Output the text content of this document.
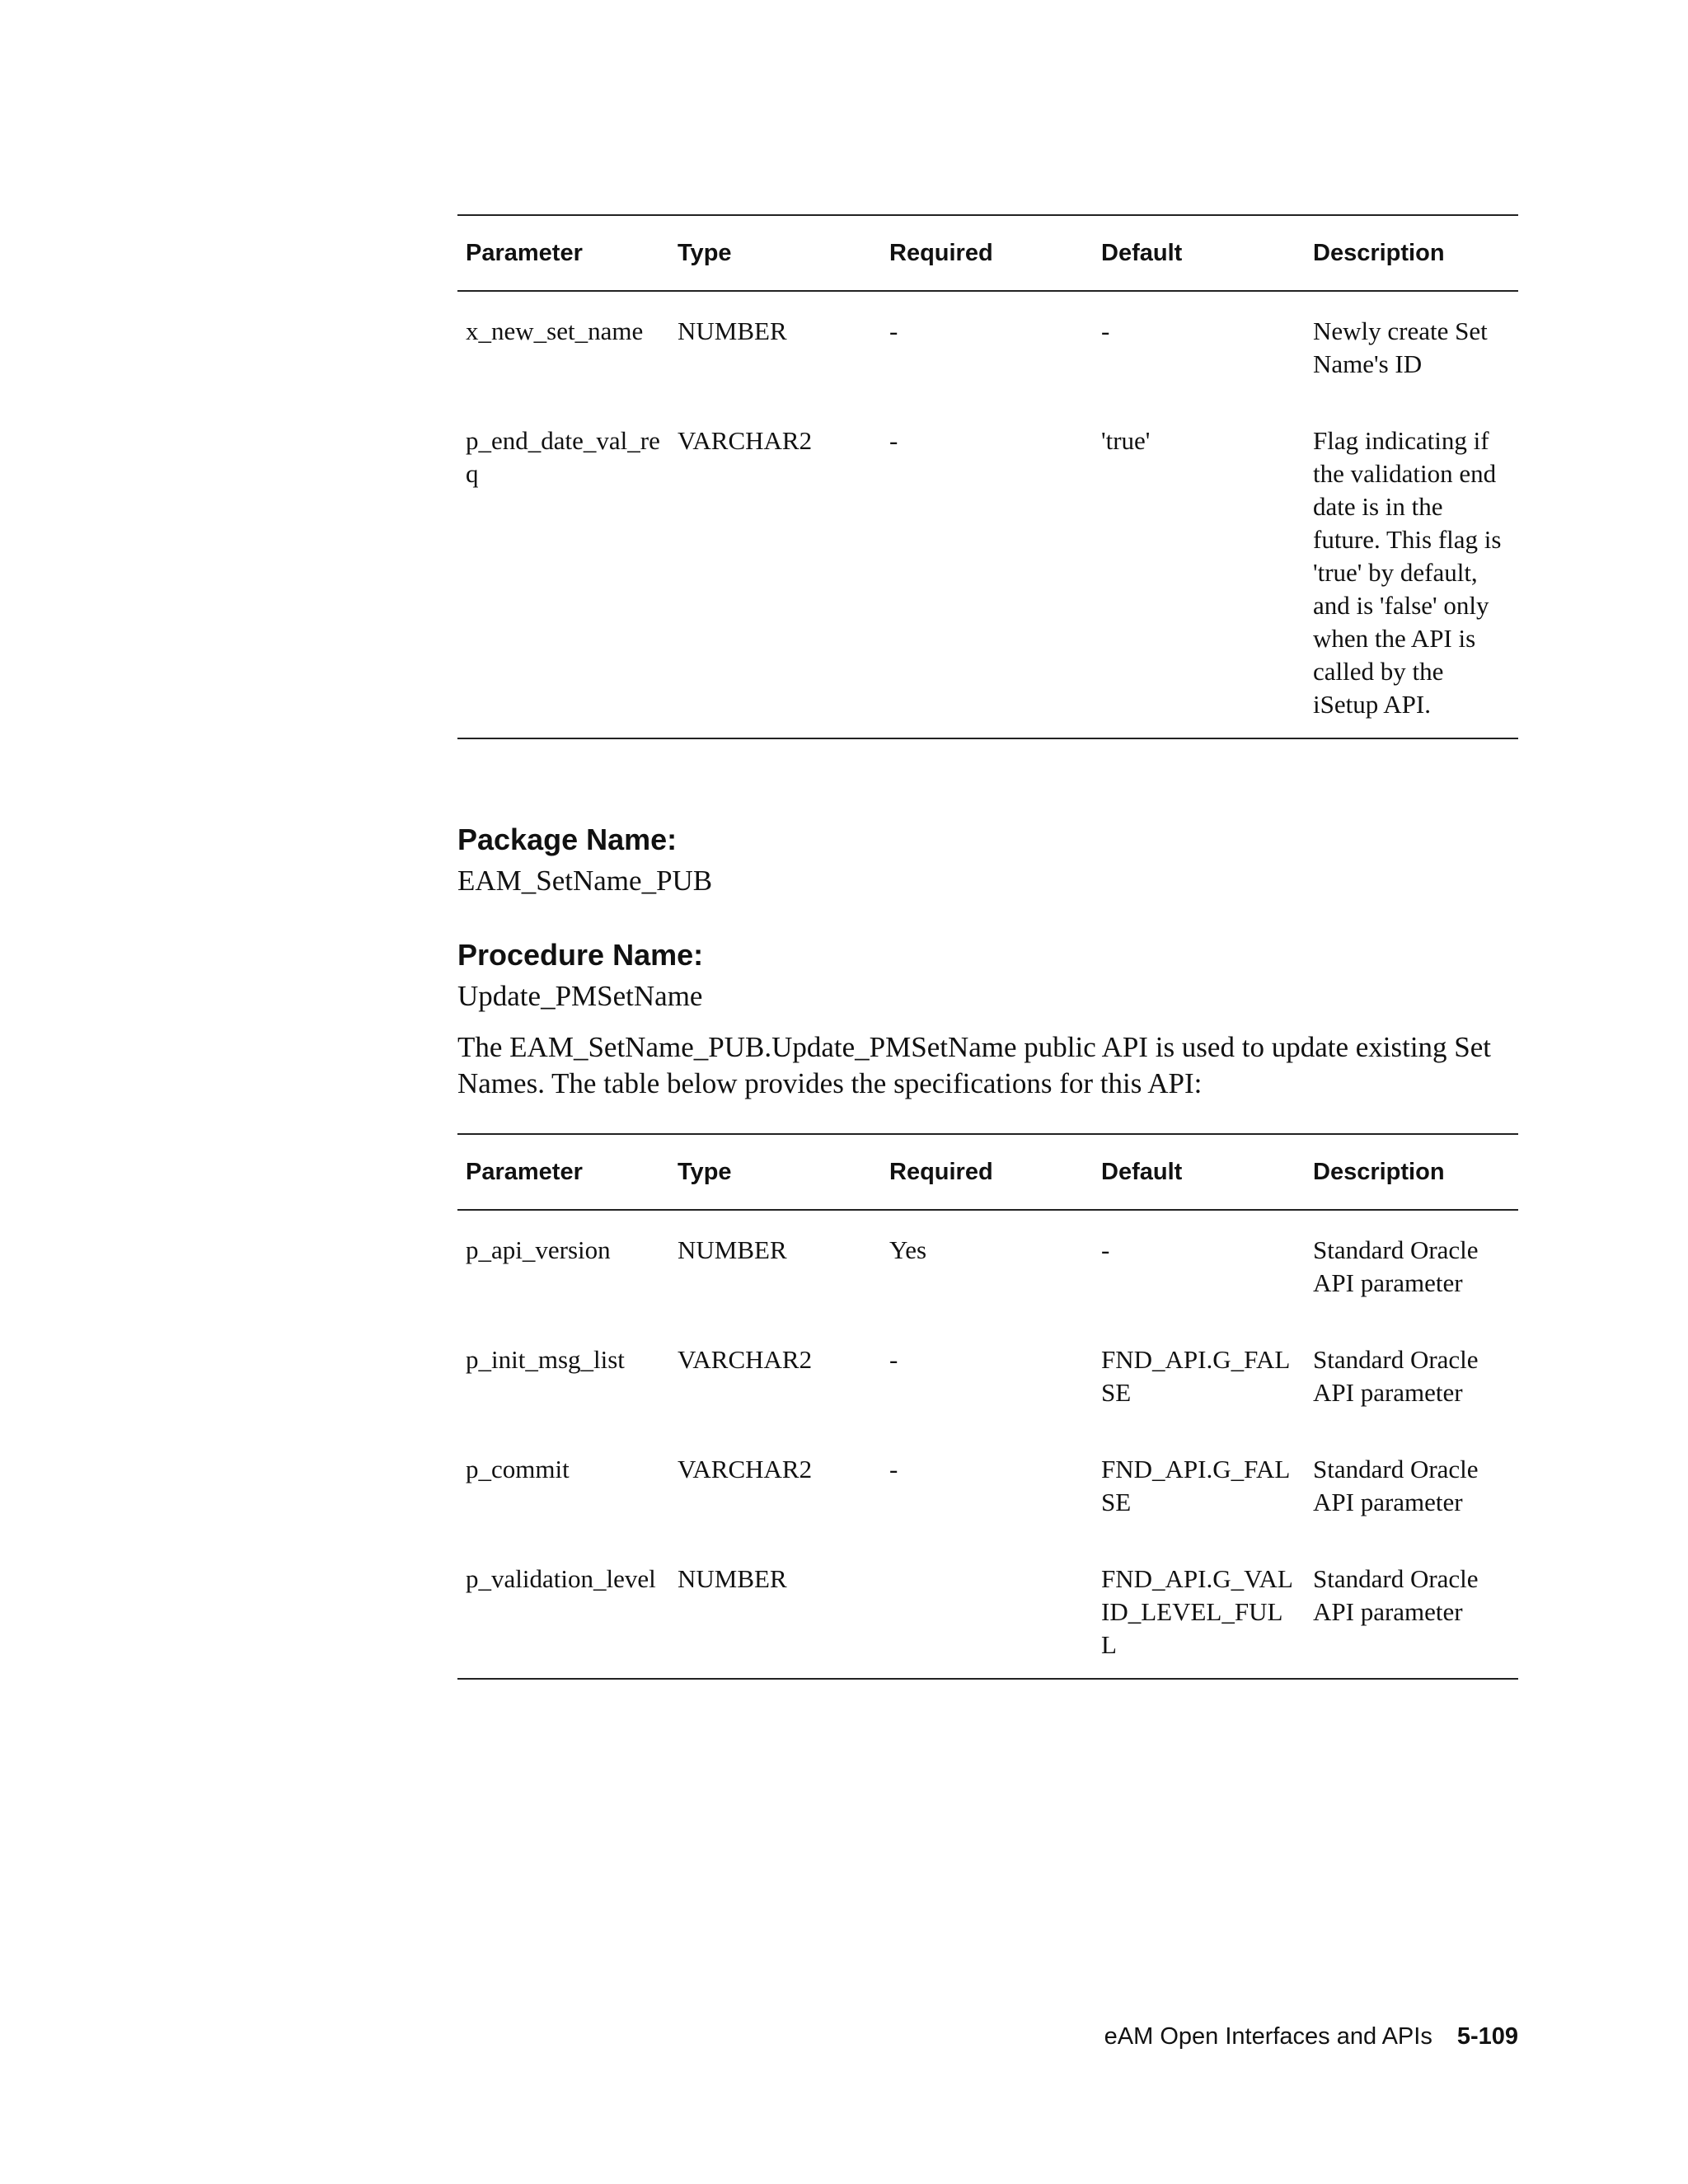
Parameter	Type	Required	Default	Description
x_new_set_name	NUMBER	-	-	Newly create Set Name's ID
p_end_date_val_req	VARCHAR2	-	'true'	Flag indicating if the validation end date is in the future. This flag is 'true' by default, and is 'false' only when the API is called by the iSetup API.
Package Name:

EAM_SetName_PUB

Procedure Name:

Update_PMSetName

The EAM_SetName_PUB.Update_PMSetName public API is used to update existing Set Names. The table below provides the specifications for this API:

Parameter	Type	Required	Default	Description
p_api_version	NUMBER	Yes	-	Standard Oracle API parameter
p_init_msg_list	VARCHAR2	-	FND_API.G_FALSE	Standard Oracle API parameter
p_commit	VARCHAR2	-	FND_API.G_FALSE	Standard Oracle API parameter
p_validation_level	NUMBER		FND_API.G_VALID_LEVEL_FULL	Standard Oracle API parameter
eAM Open Interfaces and APIs 5-109
